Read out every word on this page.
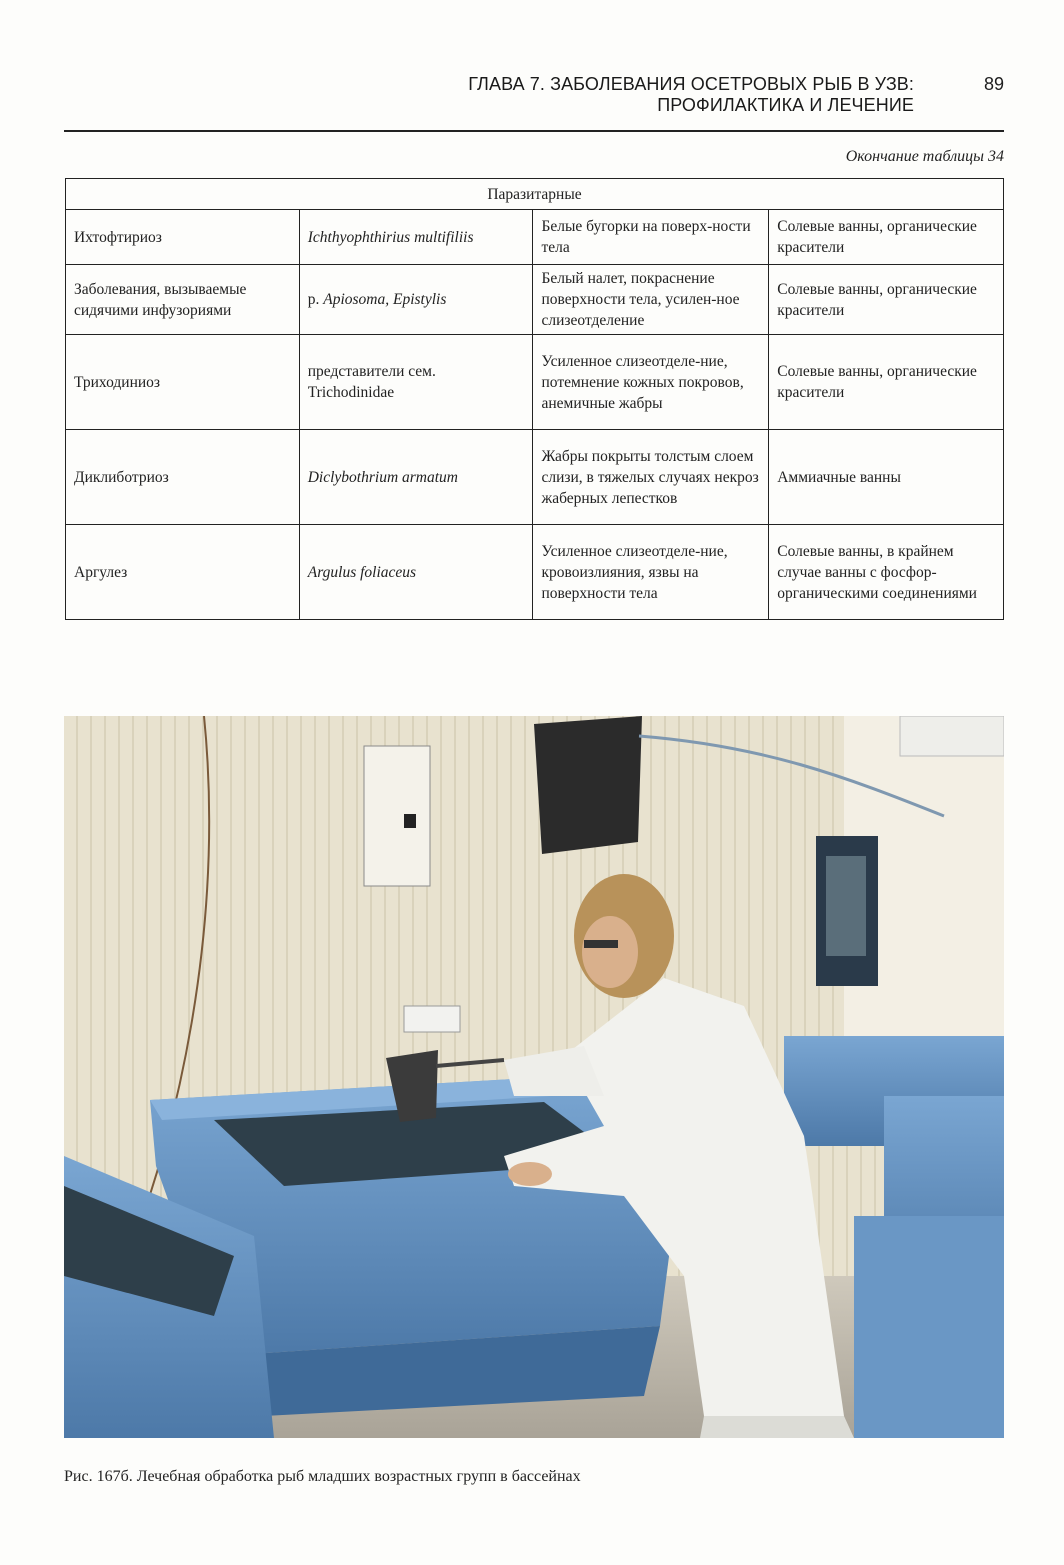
ГЛАВА 7. ЗАБОЛЕВАНИЯ ОСЕТРОВЫХ РЫБ В УЗВ:
ПРОФИЛАКТИКА И ЛЕЧЕНИЕ
89
Окончание таблицы 34
Паразитарные			
Ихтофтириоз	Ichthyophthirius multifiliis	Белые бугорки на поверх-ности тела	Солевые ванны, органические красители
Заболевания, вызываемые сидячими инфузориями	р. Apiosoma, Epistylis	Белый налет, покраснение поверхности тела, усилен-ное слизеотделение	Солевые ванны, органические красители
Триходиниоз	представители сем. Trichodinidae	Усиленное слизеотделе-ние, потемнение кожных покровов, анемичные жабры	Солевые ванны, органические красители
Диклиботриоз	Diclybothrium armatum	Жабры покрыты толстым слоем слизи, в тяжелых случаях некроз жаберных лепестков	Аммиачные ванны
Аргулез	Argulus foliaceus	Усиленное слизеотделе-ние, кровоизлияния, язвы на поверхности тела	Солевые ванны, в крайнем случае ванны с фосфор-органическими соединениями
Рис. 167б. Лечебная обработка рыб младших возрастных групп в бассейнах
